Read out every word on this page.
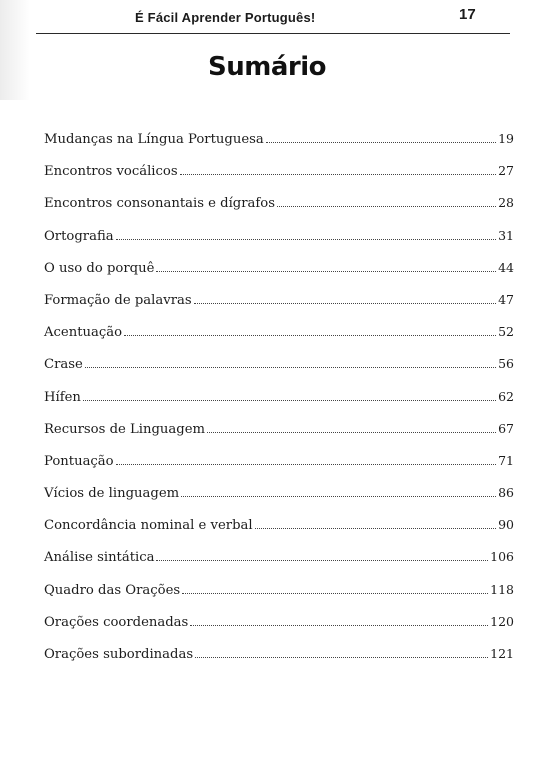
É Fácil Aprender Português!	17
Sumário
Mudanças na Língua Portuguesa	19
Encontros vocálicos	27
Encontros consonantais e dígrafos	28
Ortografia	31
O uso do porquê	44
Formação de palavras	47
Acentuação	52
Crase	56
Hífen	62
Recursos de Linguagem	67
Pontuação	71
Vícios de linguagem	86
Concordância nominal e verbal	90
Análise sintática	106
Quadro das Orações	118
Orações coordenadas	120
Orações subordinadas	121
